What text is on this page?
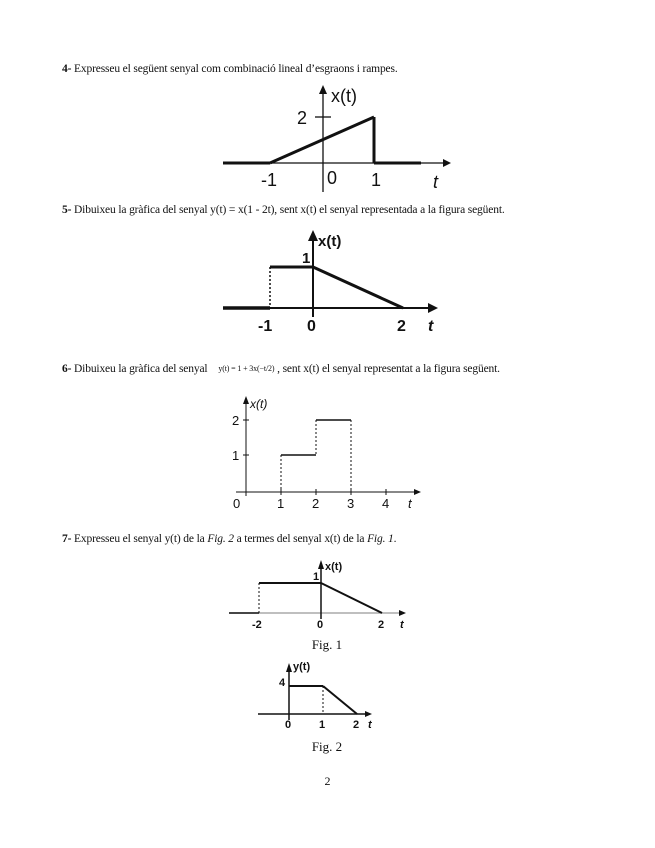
4- Expresseu el següent senyal com combinació lineal d’esgraons i rampes.
2
x(t)
-1	0 1	t
5- Dibuixeu la gràfica del senyal y(t) = x(1 - 2t), sent x(t) el senyal representada a la figura següent.
1
x(t)
-1 0	2 t
6- Dibuixeu la gràfica del senyal y(t) = 1 + 3x(−t/2) , sent x(t) el senyal representat a la figura següent.
2
1
x(t)
0	1 2 3 4 t
7- Expresseu el senyal y(t) de la Fig. 2 a termes del senyal x(t) de la Fig. 1.
1
x(t)
-2	0	2 t
Fig. 1
4
y(t)
0	1	2 t
Fig. 2
2
